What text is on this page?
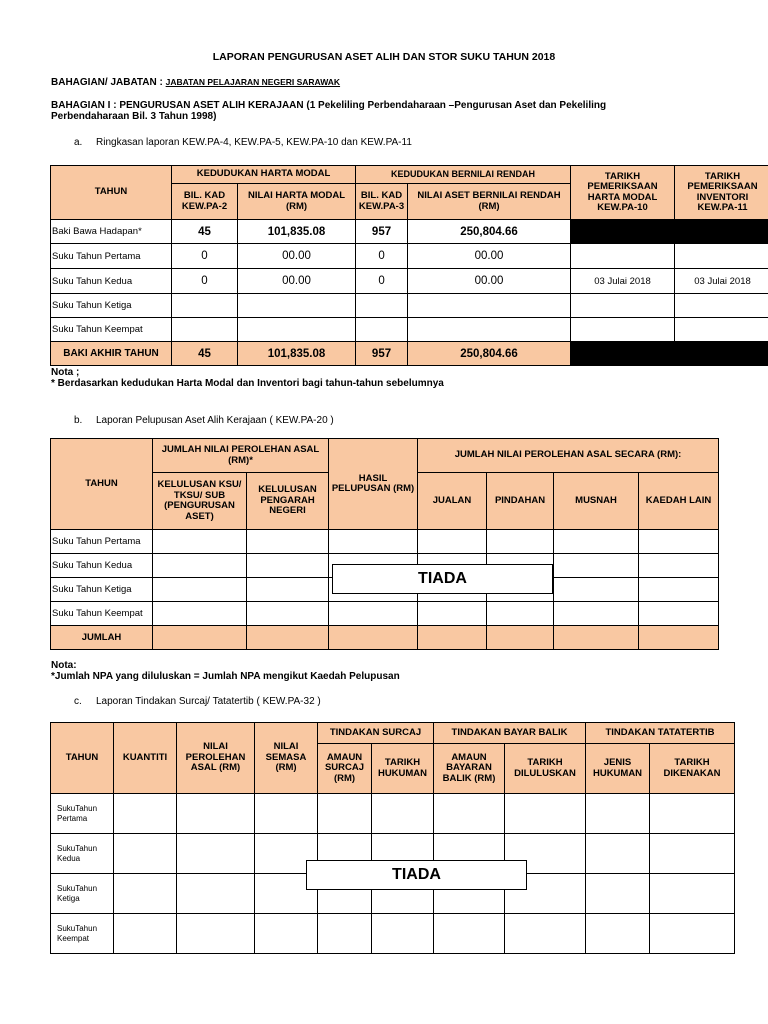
LAPORAN PENGURUSAN ASET ALIH DAN STOR SUKU TAHUN 2018
BAHAGIAN/ JABATAN : JABATAN PELAJARAN NEGERI SARAWAK
BAHAGIAN I : PENGURUSAN ASET ALIH KERAJAAN (1 Pekeliling Perbendaharaan –Pengurusan Aset dan Pekeliling
Perbendaharaan Bil. 3 Tahun 1998)
a. Ringkasan laporan KEW.PA-4, KEW.PA-5, KEW.PA-10 dan KEW.PA-11
TAHUN	KEDUDUKAN HARTA MODAL		KEDUDUKAN BERNILAI RENDAH		TARIKH PEMERIKSAAN HARTA MODAL KEW.PA-10	TARIKH PEMERIKSAAN INVENTORI KEW.PA-11
	BIL. KAD KEW.PA-2	NILAI HARTA MODAL (RM)	BIL. KAD KEW.PA-3	NILAI ASET BERNILAI RENDAH (RM)		
Baki Bawa Hadapan*	45	101,835.08	957	250,804.66		
Suku Tahun Pertama	0	00.00	0	00.00		
Suku Tahun Kedua	0	00.00	0	00.00	03 Julai 2018	03 Julai 2018
Suku Tahun Ketiga						
Suku Tahun Keempat						
BAKI AKHIR TAHUN	45	101,835.08	957	250,804.66		
Nota ;
* Berdasarkan kedudukan Harta Modal dan Inventori bagi tahun-tahun sebelumnya
b. Laporan Pelupusan Aset Alih Kerajaan ( KEW.PA-20 )
TAHUN	JUMLAH NILAI PEROLEHAN ASAL (RM)*		HASIL PELUPUSAN (RM)	JUMLAH NILAI PEROLEHAN ASAL SECARA (RM):			
	KELULUSAN KSU/ TKSU/ SUB (PENGURUSAN ASET)	KELULUSAN PENGARAH NEGERI		JUALAN	PINDAHAN	MUSNAH	KAEDAH LAIN
Suku Tahun Pertama							
Suku Tahun Kedua							
Suku Tahun Ketiga							
Suku Tahun Keempat							
JUMLAH							
TIADA
Nota:
*Jumlah NPA yang diluluskan = Jumlah NPA mengikut Kaedah Pelupusan
c. Laporan Tindakan Surcaj/ Tatatertib ( KEW.PA-32 )
TAHUN	KUANTITI	NILAI PEROLEHAN ASAL (RM)	NILAI SEMASA (RM)	TINDAKAN SURCAJ		TINDAKAN BAYAR BALIK		TINDAKAN TATATERTIB	
				AMAUN SURCAJ (RM)	TARIKH HUKUMAN	AMAUN BAYARAN BALIK (RM)	TARIKH DILULUSKAN	JENIS HUKUMAN	TARIKH DIKENAKAN
SukuTahun
Pertama									
SukuTahun
Kedua									
SukuTahun
Ketiga									
SukuTahun
Keempat									
TIADA
